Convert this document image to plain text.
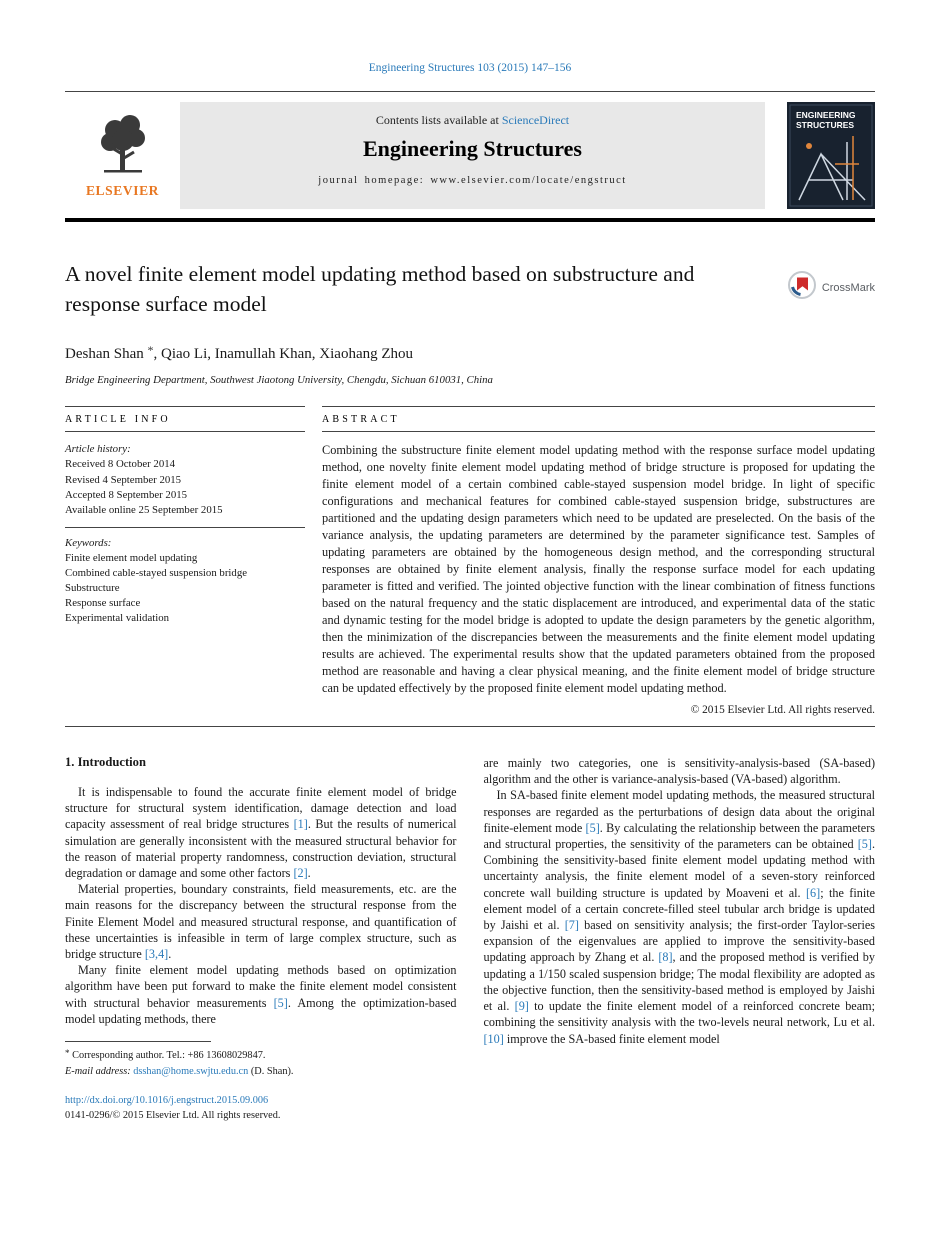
Engineering Structures 103 (2015) 147–156
ELSEVIER
Contents lists available at ScienceDirect
Engineering Structures
journal homepage: www.elsevier.com/locate/engstruct
ENGINEERING
STRUCTURES
A novel finite element model updating method based on substructure and response surface model
CrossMark
Deshan Shan *, Qiao Li, Inamullah Khan, Xiaohang Zhou
Bridge Engineering Department, Southwest Jiaotong University, Chengdu, Sichuan 610031, China
ARTICLE INFO
Article history:
Received 8 October 2014
Revised 4 September 2015
Accepted 8 September 2015
Available online 25 September 2015
Keywords:
Finite element model updating
Combined cable-stayed suspension bridge
Substructure
Response surface
Experimental validation
ABSTRACT

Combining the substructure finite element model updating method with the response surface model updating method, one novelty finite element model updating method of bridge structure is proposed for updating the finite element model of a certain combined cable-stayed suspension model bridge. In light of specific configurations and mechanical features for combined cable-stayed suspension bridge, substructures are partitioned and the updating design parameters which need to be updated are preselected. On the basis of the variance analysis, the updating parameters are determined by the parameter significance test. Samples of updating parameters are obtained by the homogeneous design method, and the corresponding structural responses are obtained by finite element analysis, finally the response surface model for each updating parameter is fitted and verified. The jointed objective function with the linear combination of fitness functions based on the natural frequency and the static displacement are introduced, and experimental data of the static and dynamic testing for the model bridge is adopted to update the design parameters by the genetic algorithm, then the minimization of the discrepancies between the measurements and the finite element model updating results are achieved. The experimental results show that the updated parameters obtained from the proposed method are reasonable and having a clear physical meaning, and the finite element model of bridge structure can be updated effectively by the proposed finite element model updating method.

© 2015 Elsevier Ltd. All rights reserved.
1. Introduction

It is indispensable to found the accurate finite element model of bridge structure for structural system identification, damage detection and load capacity assessment of real bridge structures [1]. But the results of numerical simulation are generally inconsistent with the measured structural behavior for the reason of material property randomness, construction deviation, structural degradation or damage and some other factors [2].

Material properties, boundary constraints, field measurements, etc. are the main reasons for the discrepancy between the structural response from the Finite Element Model and measured structural response, and quantification of these uncertainties is infeasible in term of large complex structure, such as bridge structure [3,4].

Many finite element model updating methods based on optimization algorithm have been put forward to make the finite element model consistent with structural behavior measurements [5]. Among the optimization-based model updating methods, there

* Corresponding author. Tel.: +86 13608029847.
E-mail address: dsshan@home.swjtu.edu.cn (D. Shan).

are mainly two categories, one is sensitivity-analysis-based (SA-based) algorithm and the other is variance-analysis-based (VA-based) algorithm.

In SA-based finite element model updating methods, the measured structural responses are regarded as the perturbations of design data about the original finite-element mode [5]. By calculating the relationship between the parameters and structural properties, the sensitivity of the parameters can be obtained [5]. Combining the sensitivity-based finite element model updating method with uncertainty analysis, the finite element model of a seven-story reinforced concrete wall building structure is updated by Moaveni et al. [6]; the finite element model of a certain concrete-filled steel tubular arch bridge is updated by Jaishi et al. [7] based on sensitivity analysis; the first-order Taylor-series expansion of the eigenvalues are applied to improve the sensitivity-based updating approach by Zhang et al. [8], and the proposed method is verified by updating a 1/150 scaled suspension bridge; The modal flexibility are adopted as the objective function, then the sensitivity-based method is employed by Jaishi et al. [9] to update the finite element model of a reinforced concrete beam; combining the sensitivity analysis with the two-levels neural network, Lu et al. [10] improve the SA-based finite element model

http://dx.doi.org/10.1016/j.engstruct.2015.09.006
0141-0296/© 2015 Elsevier Ltd. All rights reserved.
